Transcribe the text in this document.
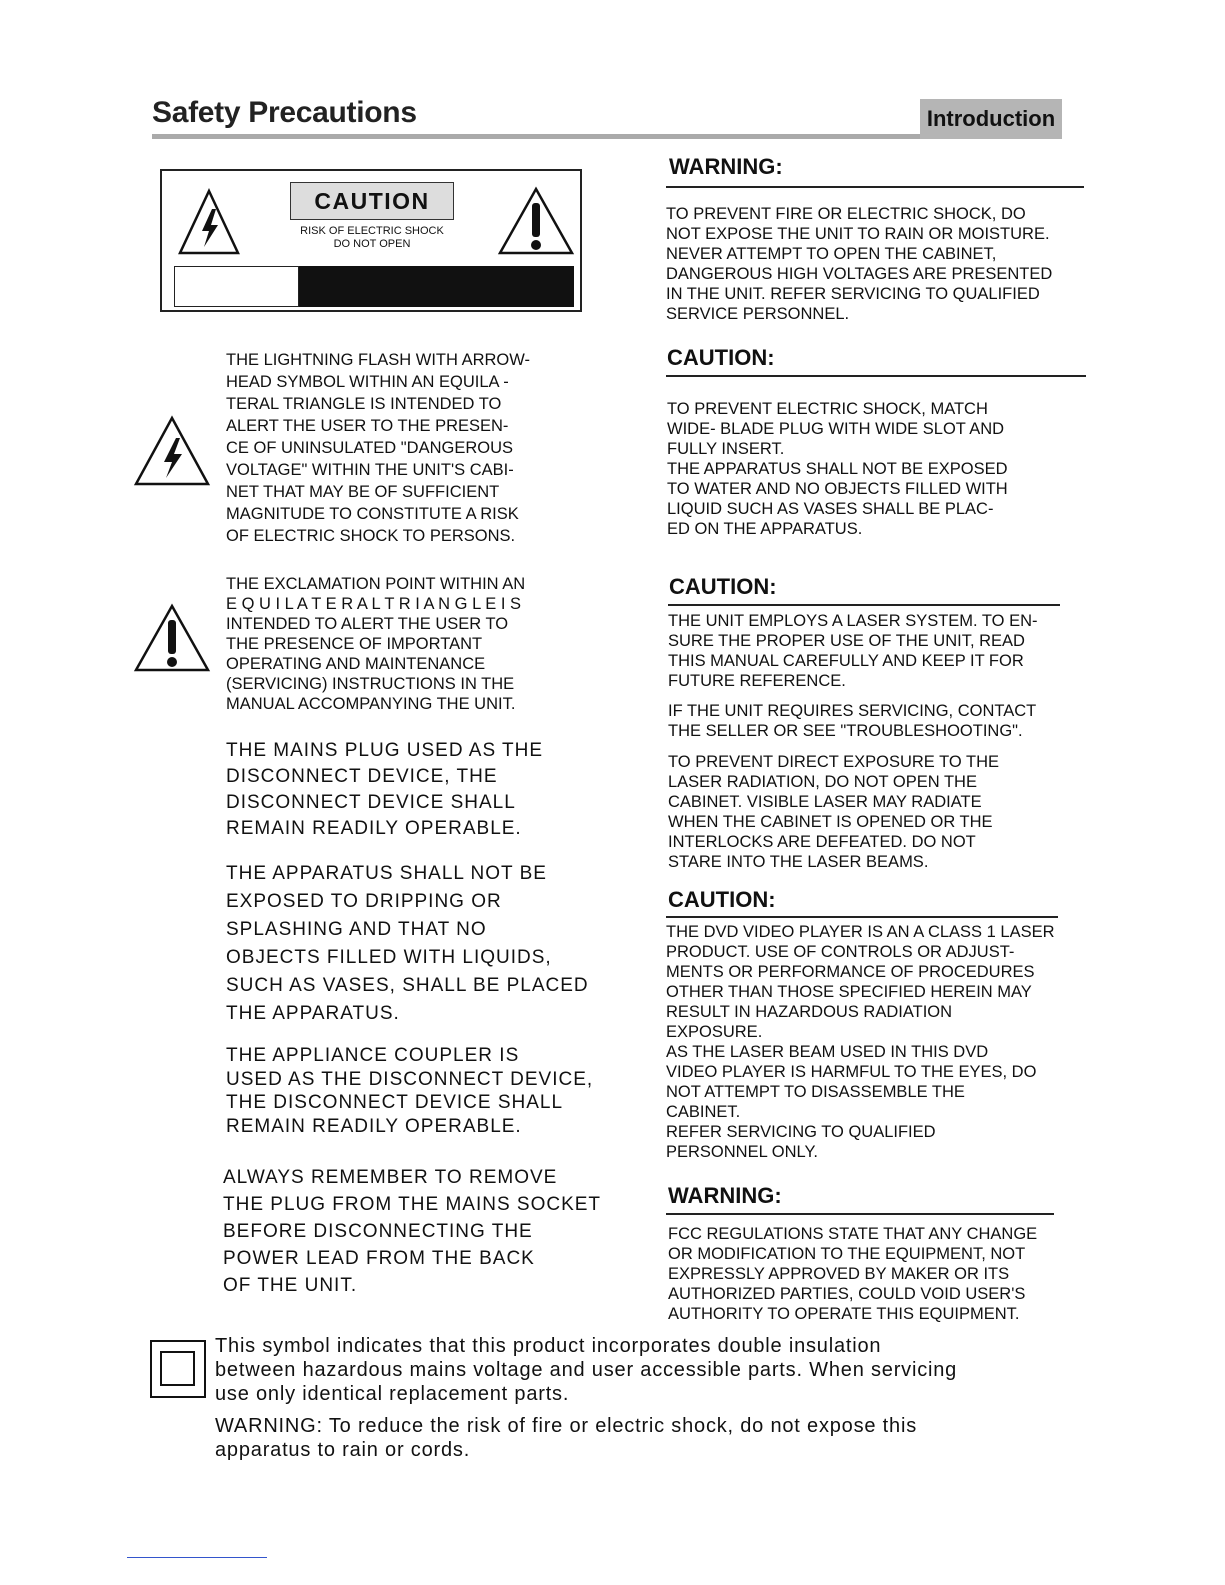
Safety Precautions	Introduction
CAUTION
RISK OF ELECTRIC SHOCK
DO NOT OPEN
THE LIGHTNING FLASH WITH ARROW-
HEAD SYMBOL WITHIN AN EQUILA -
TERAL TRIANGLE IS INTENDED TO
ALERT THE USER TO THE PRESEN-
CE OF UNINSULATED "DANGEROUS
VOLTAGE" WITHIN THE UNIT'S CABI-
NET THAT MAY BE OF SUFFICIENT
MAGNITUDE TO CONSTITUTE A RISK
OF ELECTRIC SHOCK TO PERSONS.
THE EXCLAMATION POINT WITHIN AN
E Q U I L A T E R A L T R I A N G L E I S
INTENDED TO ALERT THE USER TO
THE PRESENCE OF IMPORTANT
OPERATING AND MAINTENANCE
(SERVICING) INSTRUCTIONS IN THE
MANUAL ACCOMPANYING THE UNIT.
THE MAINS PLUG USED AS THE
DISCONNECT DEVICE, THE
DISCONNECT DEVICE SHALL
REMAIN READILY OPERABLE.
THE APPARATUS SHALL NOT BE
EXPOSED TO DRIPPING OR
SPLASHING AND THAT NO
OBJECTS FILLED WITH LIQUIDS,
SUCH AS VASES, SHALL BE PLACED
THE APPARATUS.
THE APPLIANCE COUPLER IS
USED AS THE DISCONNECT DEVICE,
THE DISCONNECT DEVICE SHALL
REMAIN READILY OPERABLE.
ALWAYS REMEMBER TO REMOVE
THE PLUG FROM THE MAINS SOCKET
BEFORE DISCONNECTING THE
POWER LEAD FROM THE BACK
OF THE UNIT.
WARNING:
TO PREVENT FIRE OR ELECTRIC SHOCK, DO
NOT EXPOSE THE UNIT TO RAIN OR MOISTURE.
NEVER ATTEMPT TO OPEN THE CABINET,
DANGEROUS HIGH VOLTAGES ARE PRESENTED
IN THE UNIT. REFER SERVICING TO QUALIFIED
SERVICE PERSONNEL.
CAUTION:
TO PREVENT ELECTRIC SHOCK, MATCH
WIDE- BLADE PLUG WITH WIDE SLOT AND
FULLY INSERT.
THE APPARATUS SHALL NOT BE EXPOSED
TO WATER AND NO OBJECTS FILLED WITH
LIQUID SUCH AS VASES SHALL BE PLAC-
ED ON THE APPARATUS.
CAUTION:
THE UNIT EMPLOYS A LASER SYSTEM. TO EN-
SURE THE PROPER USE OF THE UNIT, READ
THIS MANUAL CAREFULLY AND KEEP IT FOR
FUTURE REFERENCE.
IF THE UNIT REQUIRES SERVICING, CONTACT
THE SELLER OR SEE "TROUBLESHOOTING".
TO PREVENT DIRECT EXPOSURE TO THE
LASER RADIATION, DO NOT OPEN THE
CABINET. VISIBLE LASER MAY RADIATE
WHEN THE CABINET IS OPENED OR THE
INTERLOCKS ARE DEFEATED. DO NOT
STARE INTO THE LASER BEAMS.
CAUTION:
THE DVD VIDEO PLAYER IS AN A CLASS 1 LASER
PRODUCT. USE OF CONTROLS OR ADJUST-
MENTS OR PERFORMANCE OF PROCEDURES
OTHER THAN THOSE SPECIFIED HEREIN MAY
RESULT IN HAZARDOUS RADIATION
EXPOSURE.
AS THE LASER BEAM USED IN THIS DVD
VIDEO PLAYER IS HARMFUL TO THE EYES, DO
NOT ATTEMPT TO DISASSEMBLE THE
CABINET.
REFER SERVICING TO QUALIFIED
PERSONNEL ONLY.
WARNING:
FCC REGULATIONS STATE THAT ANY CHANGE
OR MODIFICATION TO THE EQUIPMENT, NOT
EXPRESSLY APPROVED BY MAKER OR ITS
AUTHORIZED PARTIES, COULD VOID USER'S
AUTHORITY TO OPERATE THIS EQUIPMENT.
This symbol indicates that this product incorporates double insulation
between hazardous mains voltage and user accessible parts. When servicing
use only identical replacement parts.
WARNING: To reduce the risk of fire or electric shock, do not expose this
apparatus to rain or cords.
